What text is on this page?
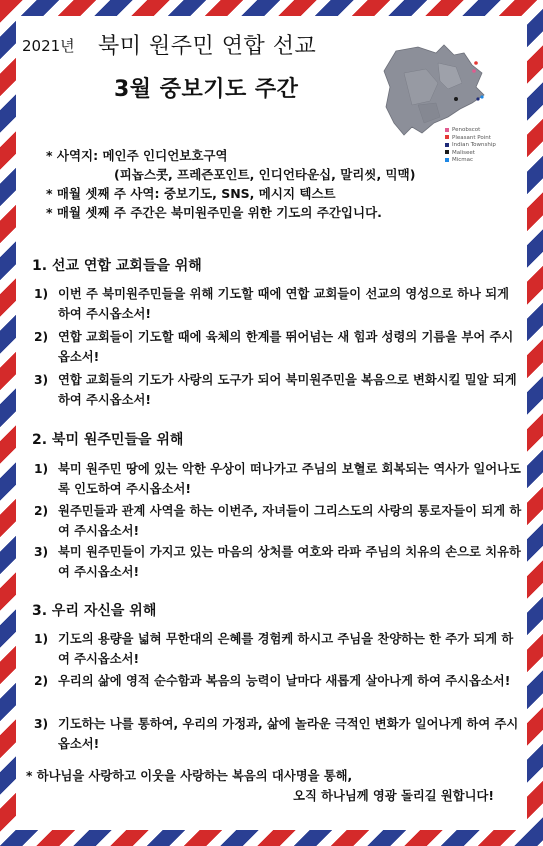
2021년 북미 원주민 연합 선교
3월 중보기도 주간
Penobscot
Pleasant Point
Indian Township
Maliseet
Micmac
* 사역지: 메인주 인디언보호구역
(피놉스콧, 프레즌포인트, 인디언타운십, 말리씻, 믹맥)
* 매월 셋째 주 사역: 중보기도, SNS, 메시지 텍스트
* 매월 셋째 주 주간은 북미원주민을 위한 기도의 주간입니다.
1. 선교 연합 교회들을 위해
1) 이번 주 북미원주민들을 위해 기도할 때에 연합 교회들이 선교의 영성으로 하나 되게 하여 주시옵소서!
2) 연합 교회들이 기도할 때에 육체의 한계를 뛰어넘는 새 힘과 성령의 기름을 부어 주시옵소서!
3) 연합 교회들의 기도가 사랑의 도구가 되어 북미원주민을 복음으로 변화시킬 밀알 되게 하여 주시옵소서!
2. 북미 원주민들을 위해
1) 북미 원주민 땅에 있는 악한 우상이 떠나가고 주님의 보혈로 회복되는 역사가 일어나도록 인도하여 주시옵소서!
2) 원주민들과 관계 사역을 하는 이번주, 자녀들이 그리스도의 사랑의 통로자들이 되게 하여 주시옵소서!
3) 북미 원주민들이 가지고 있는 마음의 상처를 여호와 라파 주님의 치유의 손으로 치유하여 주시옵소서!
3. 우리 자신을 위해
1) 기도의 용량을 넓혀 무한대의 은혜를 경험케 하시고 주님을 찬양하는 한 주가 되게 하여 주시옵소서!
2) 우리의 삶에 영적 순수함과 복음의 능력이 날마다 새롭게 살아나게 하여 주시옵소서!
3) 기도하는 나를 통하여, 우리의 가정과, 삶에 놀라운 극적인 변화가 일어나게 하여 주시옵소서!
* 하나님을 사랑하고 이웃을 사랑하는 복음의 대사명을 통해,
오직 하나님께 영광 돌리길 원합니다!
